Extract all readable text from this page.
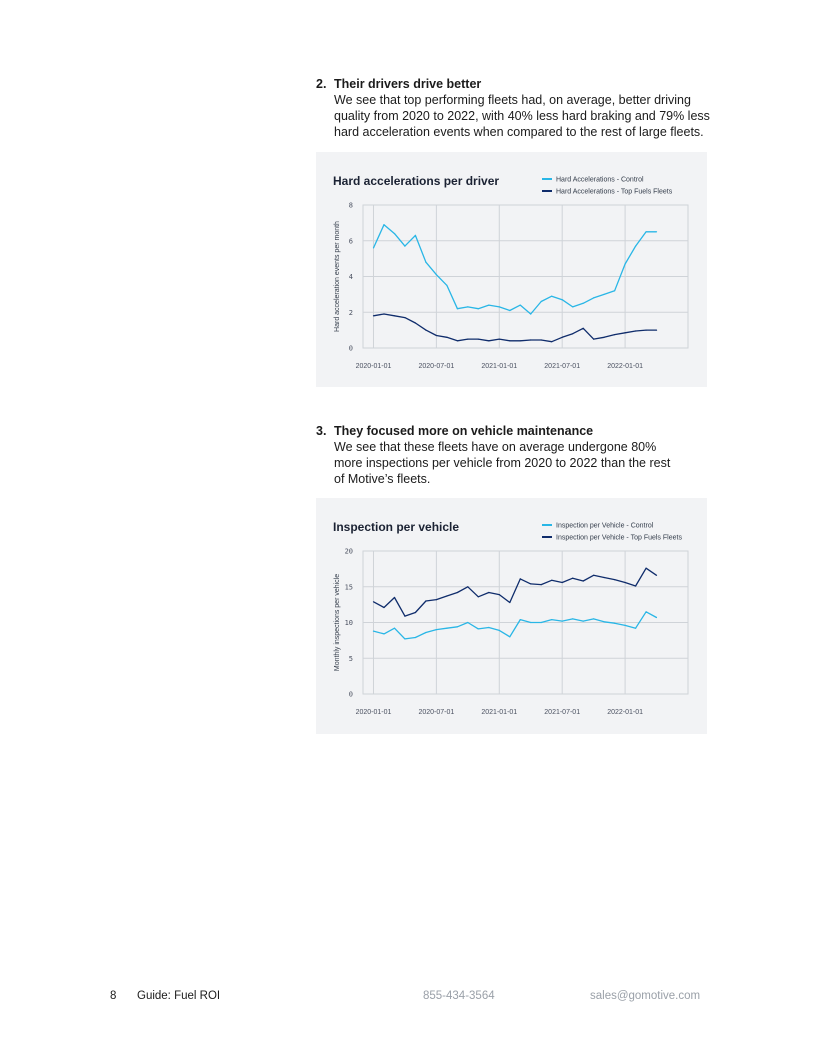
2. Their drivers drive better
We see that top performing fleets had, on average, better driving
quality from 2020 to 2022, with 40% less hard braking and 79% less
hard acceleration events when compared to the rest of large fleets.
Hard accelerations per driver	Hard Accelerations - Control
Hard Accelerations - Top Fuels Fleets
0
2
4
6
8
2020-01-01	2020-07-01	2021-01-01	2021-07-01	2022-01-01
Hard acceleration events per month
3. They focused more on vehicle maintenance
We see that these fleets have on average undergone 80%
more inspections per vehicle from 2020 to 2022 than the rest
of Motive’s fleets.
Inspection per vehicle	Inspection per Vehicle - Control
Inspection per Vehicle - Top Fuels Fleets
0
5
10
15
20
2020-01-01	2020-07-01	2021-01-01	2021-07-01	2022-01-01
Monthly inspections per vehicle
8 Guide: Fuel ROI	855-434-3564	sales@gomotive.com
